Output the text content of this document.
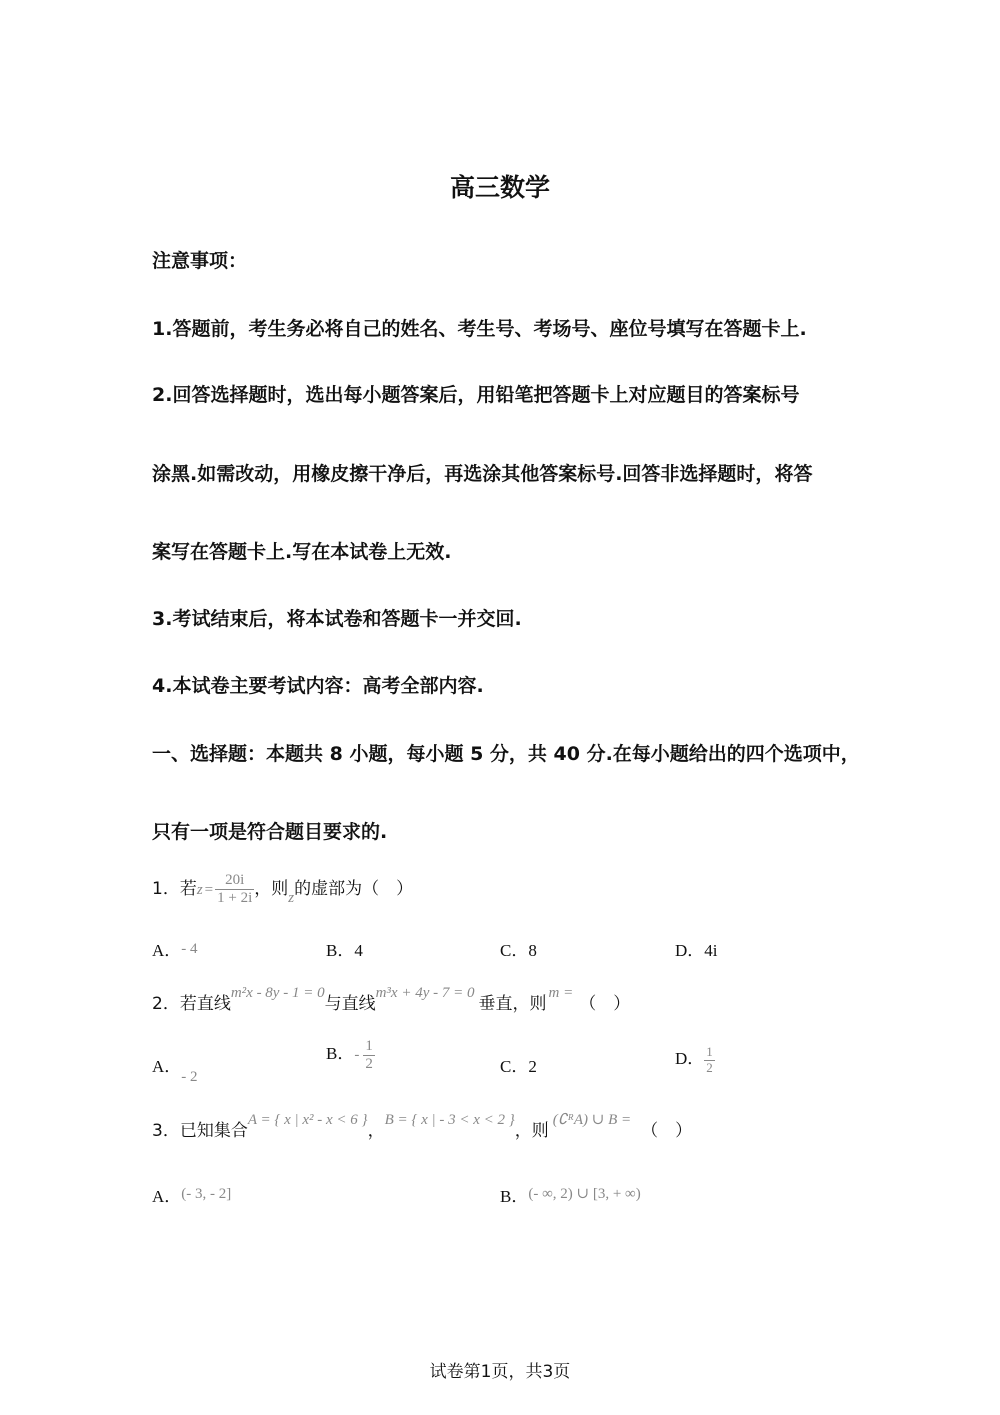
高三数学
注意事项：
1.答题前，考生务必将自己的姓名、考生号、考场号、座位号填写在答题卡上.
2.回答选择题时，选出每小题答案后，用铅笔把答题卡上对应题目的答案标号
涂黑.如需改动，用橡皮擦干净后，再选涂其他答案标号.回答非选择题时，将答
案写在答题卡上.写在本试卷上无效.
3.考试结束后，将本试卷和答题卡一并交回.
4.本试卷主要考试内容：高考全部内容.
一、选择题：本题共 8 小题，每小题 5 分，共 40 分.在每小题给出的四个选项中，
只有一项是符合题目要求的.
1．若$z = \frac{20i}{1 + 2i}$ ，则z的虚部为（　）
A．- 4	B．4	C．8	D．4i
2．若直线m²x - 8y - 1 = 0与直线m³x + 4y - 7 = 0垂直，则m =（　）
A．- 2
B．- $\frac{1}{2}$	C．2	D． $\frac{1}{2}$
3．已知集合A = { x | x² - x < 6 }，B = { x | - 3 < x < 2 }，则(∁ᴿA) ∪ B =（　）
A．(- 3, - 2]	B．(- ∞, 2) ∪ [3, + ∞)
试卷第1页，共3页
